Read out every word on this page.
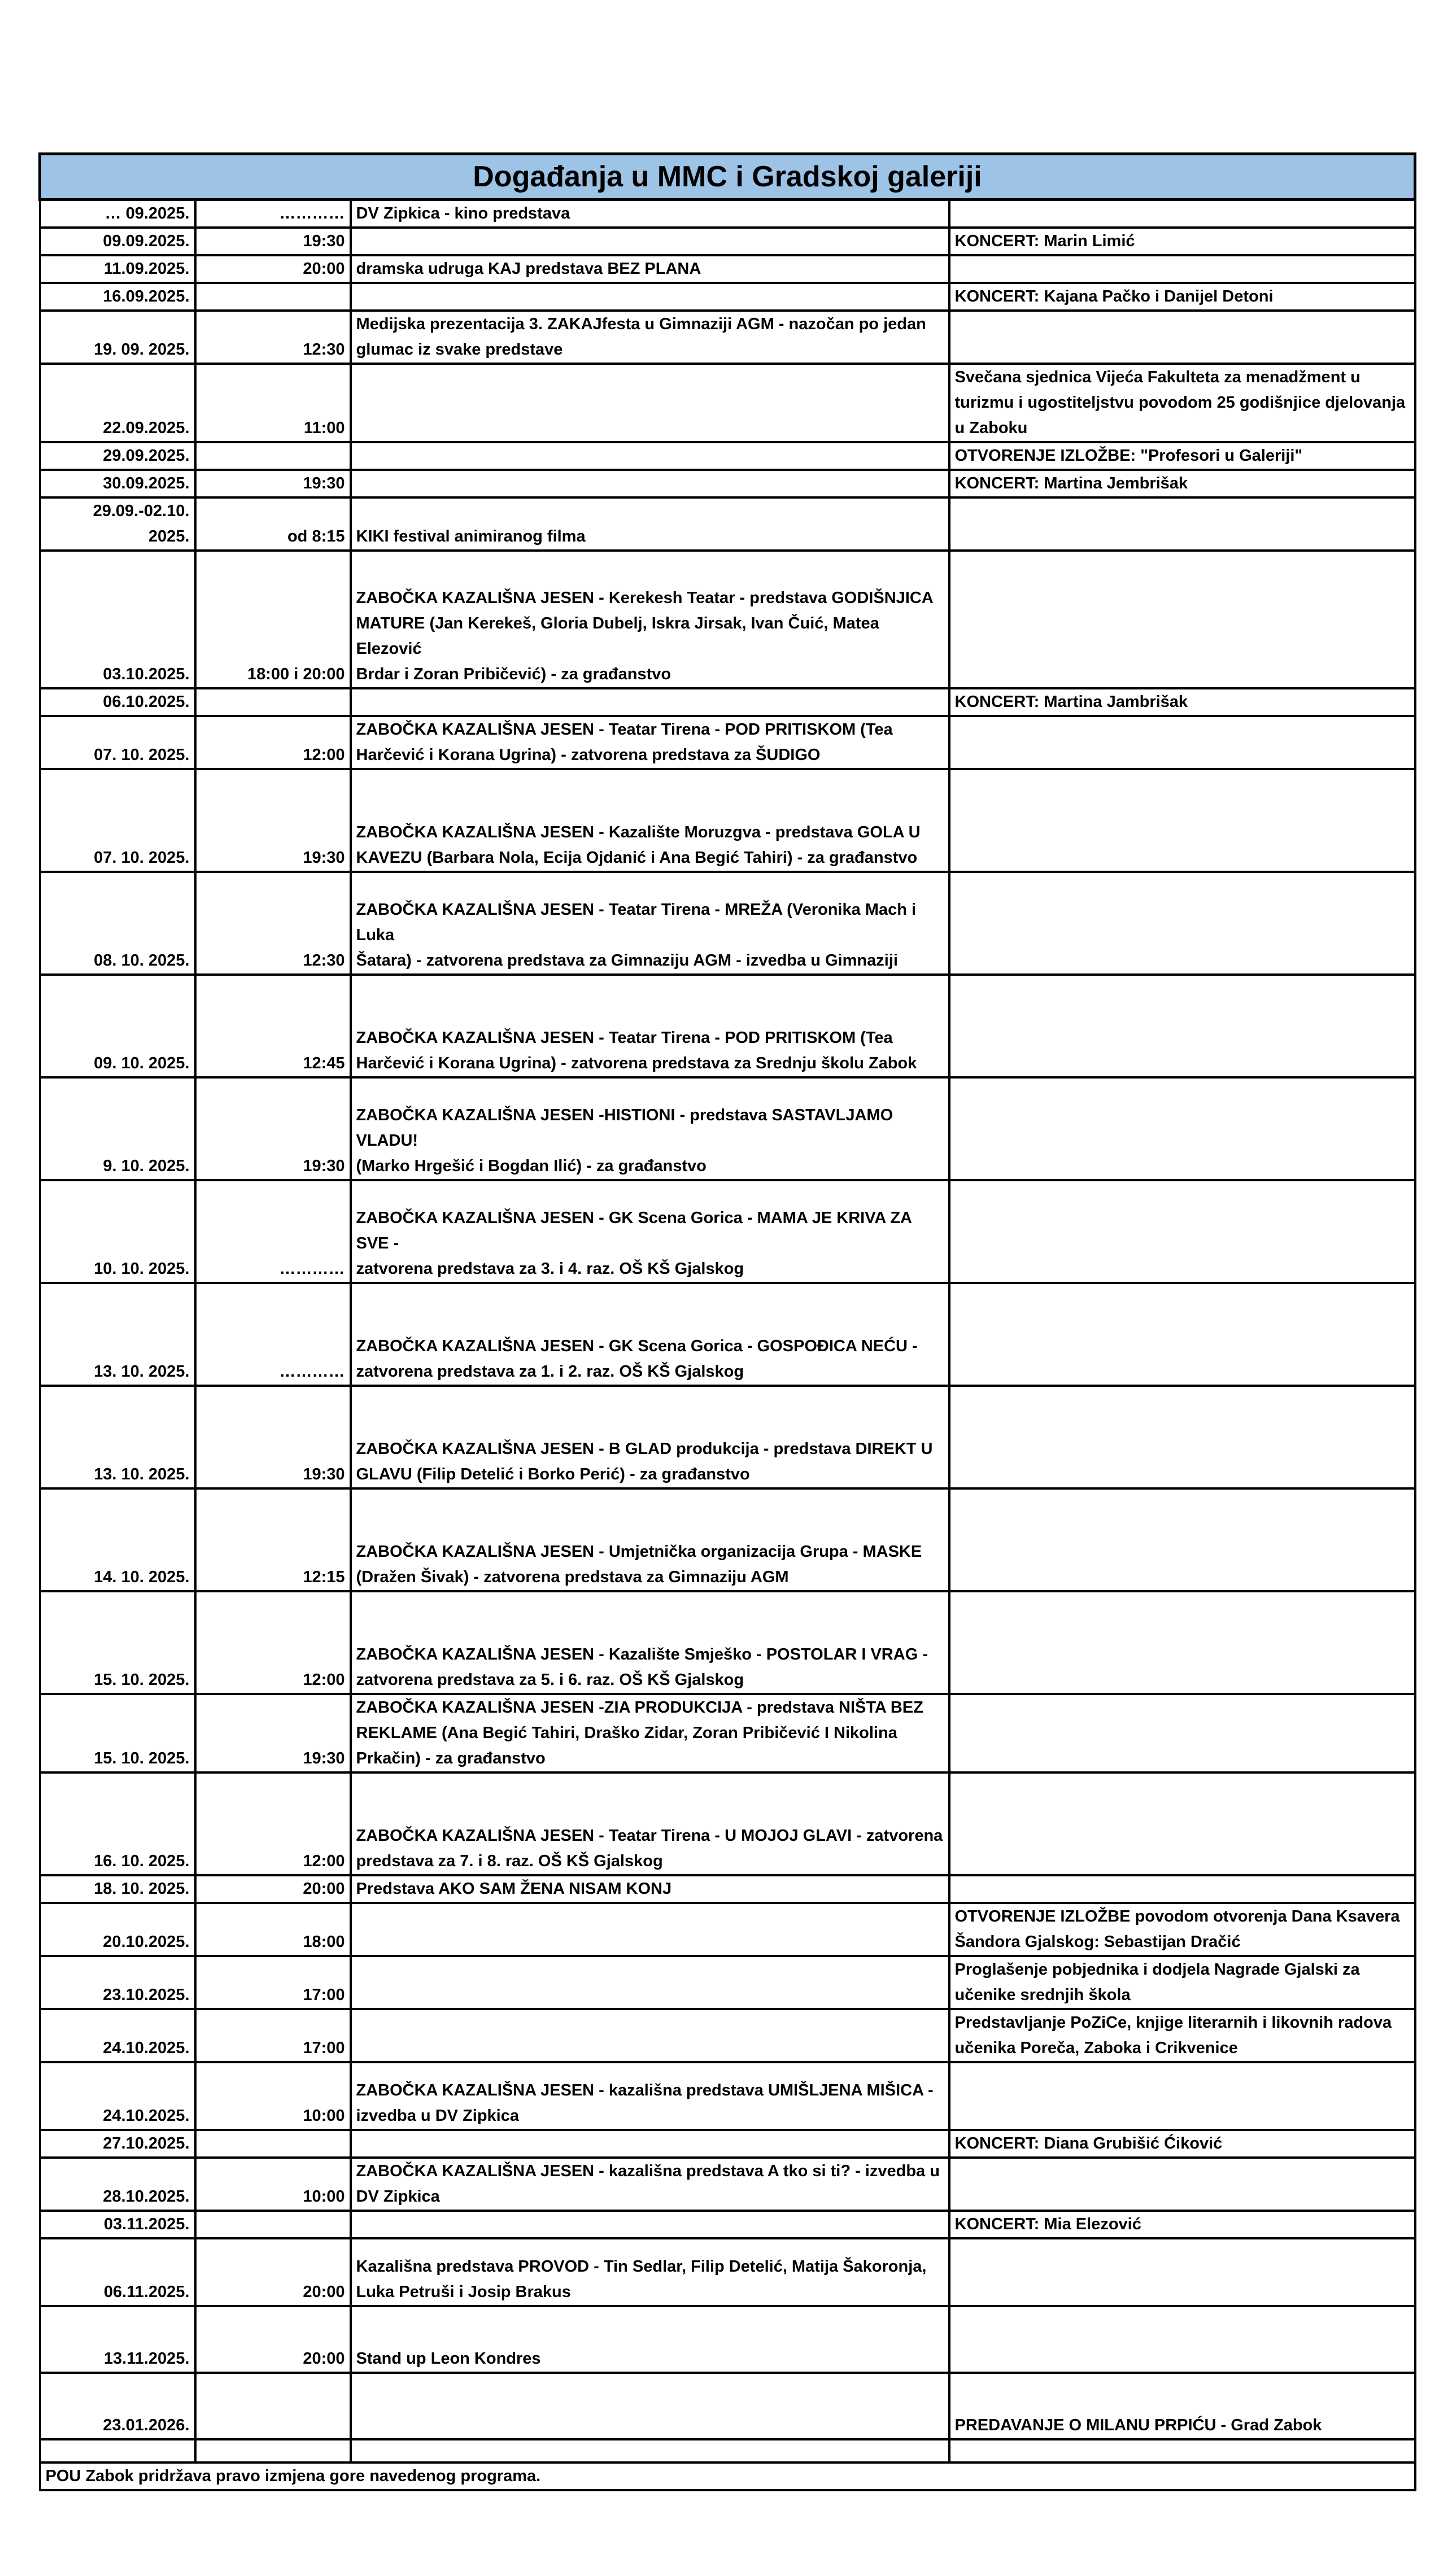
Događanja u MMC i Gradskoj galeriji			
… 09.2025.	…………	DV Zipkica - kino predstava	
09.09.2025.	19:30		KONCERT: Marin Limić
11.09.2025.	20:00	dramska udruga KAJ predstava BEZ PLANA	
16.09.2025.			KONCERT: Kajana Pačko i Danijel Detoni
19. 09. 2025.	12:30	Medijska prezentacija 3. ZAKAJfesta u Gimnaziji AGM - nazočan po jedan
glumac iz svake predstave	
22.09.2025.	11:00		Svečana sjednica Vijeća Fakulteta za menadžment u
turizmu i ugostiteljstvu povodom 25 godišnjice djelovanja
u Zaboku
29.09.2025.			OTVORENJE IZLOŽBE: "Profesori u Galeriji"
30.09.2025.	19:30		KONCERT: Martina Jembrišak
29.09.-02.10.
2025.	od 8:15	KIKI festival animiranog filma	
03.10.2025.	18:00 i 20:00	ZABOČKA KAZALIŠNA JESEN - Kerekesh Teatar - predstava GODIŠNJICA
MATURE (Jan Kerekeš, Gloria Dubelj, Iskra Jirsak, Ivan Čuić, Matea Elezović
Brdar i Zoran Pribičević) - za građanstvo	
06.10.2025.			KONCERT: Martina Jambrišak
07. 10. 2025.	12:00	ZABOČKA KAZALIŠNA JESEN - Teatar Tirena - POD PRITISKOM (Tea
Harčević i Korana Ugrina) - zatvorena predstava za ŠUDIGO	
07. 10. 2025.	19:30	ZABOČKA KAZALIŠNA JESEN - Kazalište Moruzgva - predstava GOLA U
KAVEZU (Barbara Nola, Ecija Ojdanić i Ana Begić Tahiri) - za građanstvo	
08. 10. 2025.	12:30	ZABOČKA KAZALIŠNA JESEN - Teatar Tirena - MREŽA (Veronika Mach i Luka
Šatara) - zatvorena predstava za Gimnaziju AGM - izvedba u Gimnaziji	
09. 10. 2025.	12:45	ZABOČKA KAZALIŠNA JESEN - Teatar Tirena - POD PRITISKOM (Tea
Harčević i Korana Ugrina) - zatvorena predstava za Srednju školu Zabok	
9. 10. 2025.	19:30	ZABOČKA KAZALIŠNA JESEN -HISTIONI - predstava SASTAVLJAMO VLADU!
(Marko Hrgešić i Bogdan Ilić) - za građanstvo	
10. 10. 2025.	…………	ZABOČKA KAZALIŠNA JESEN - GK Scena Gorica - MAMA JE KRIVA ZA SVE -
zatvorena predstava za 3. i 4. raz. OŠ KŠ Gjalskog	
13. 10. 2025.	…………	ZABOČKA KAZALIŠNA JESEN - GK Scena Gorica - GOSPOĐICA NEĆU -
zatvorena predstava za 1. i 2. raz. OŠ KŠ Gjalskog	
13. 10. 2025.	19:30	ZABOČKA KAZALIŠNA JESEN - B GLAD produkcija - predstava DIREKT U
GLAVU (Filip Detelić i Borko Perić) - za građanstvo	
14. 10. 2025.	12:15	ZABOČKA KAZALIŠNA JESEN - Umjetnička organizacija Grupa - MASKE
(Dražen Šivak) - zatvorena predstava za Gimnaziju AGM	
15. 10. 2025.	12:00	ZABOČKA KAZALIŠNA JESEN - Kazalište Smješko - POSTOLAR I VRAG -
zatvorena predstava za 5. i 6. raz. OŠ KŠ Gjalskog	
15. 10. 2025.	19:30	ZABOČKA KAZALIŠNA JESEN -ZIA PRODUKCIJA - predstava NIŠTA BEZ
REKLAME (Ana Begić Tahiri, Draško Zidar, Zoran Pribičević I Nikolina
Prkačin) - za građanstvo	
16. 10. 2025.	12:00	ZABOČKA KAZALIŠNA JESEN - Teatar Tirena - U MOJOJ GLAVI - zatvorena
predstava za 7. i 8. raz. OŠ KŠ Gjalskog	
18. 10. 2025.	20:00	Predstava AKO SAM ŽENA NISAM KONJ	
20.10.2025.	18:00		OTVORENJE IZLOŽBE povodom otvorenja Dana Ksavera
Šandora Gjalskog: Sebastijan Dračić
23.10.2025.	17:00		Proglašenje pobjednika i dodjela Nagrade Gjalski za
učenike srednjih škola
24.10.2025.	17:00		Predstavljanje PoZiCe, knjige literarnih i likovnih radova
učenika Poreča, Zaboka i Crikvenice
24.10.2025.	10:00	ZABOČKA KAZALIŠNA JESEN - kazališna predstava UMIŠLJENA MIŠICA -
izvedba u DV Zipkica	
27.10.2025.			KONCERT: Diana Grubišić Ćiković
28.10.2025.	10:00	ZABOČKA KAZALIŠNA JESEN - kazališna predstava A tko si ti? - izvedba u
DV Zipkica	
03.11.2025.			KONCERT: Mia Elezović
06.11.2025.	20:00	Kazališna predstava PROVOD - Tin Sedlar, Filip Detelić, Matija Šakoronja,
Luka Petruši i Josip Brakus	
13.11.2025.	20:00	Stand up Leon Kondres	
23.01.2026.			PREDAVANJE O MILANU PRPIĆU - Grad Zabok

POU Zabok pridržava pravo izmjena gore navedenog programa.			
